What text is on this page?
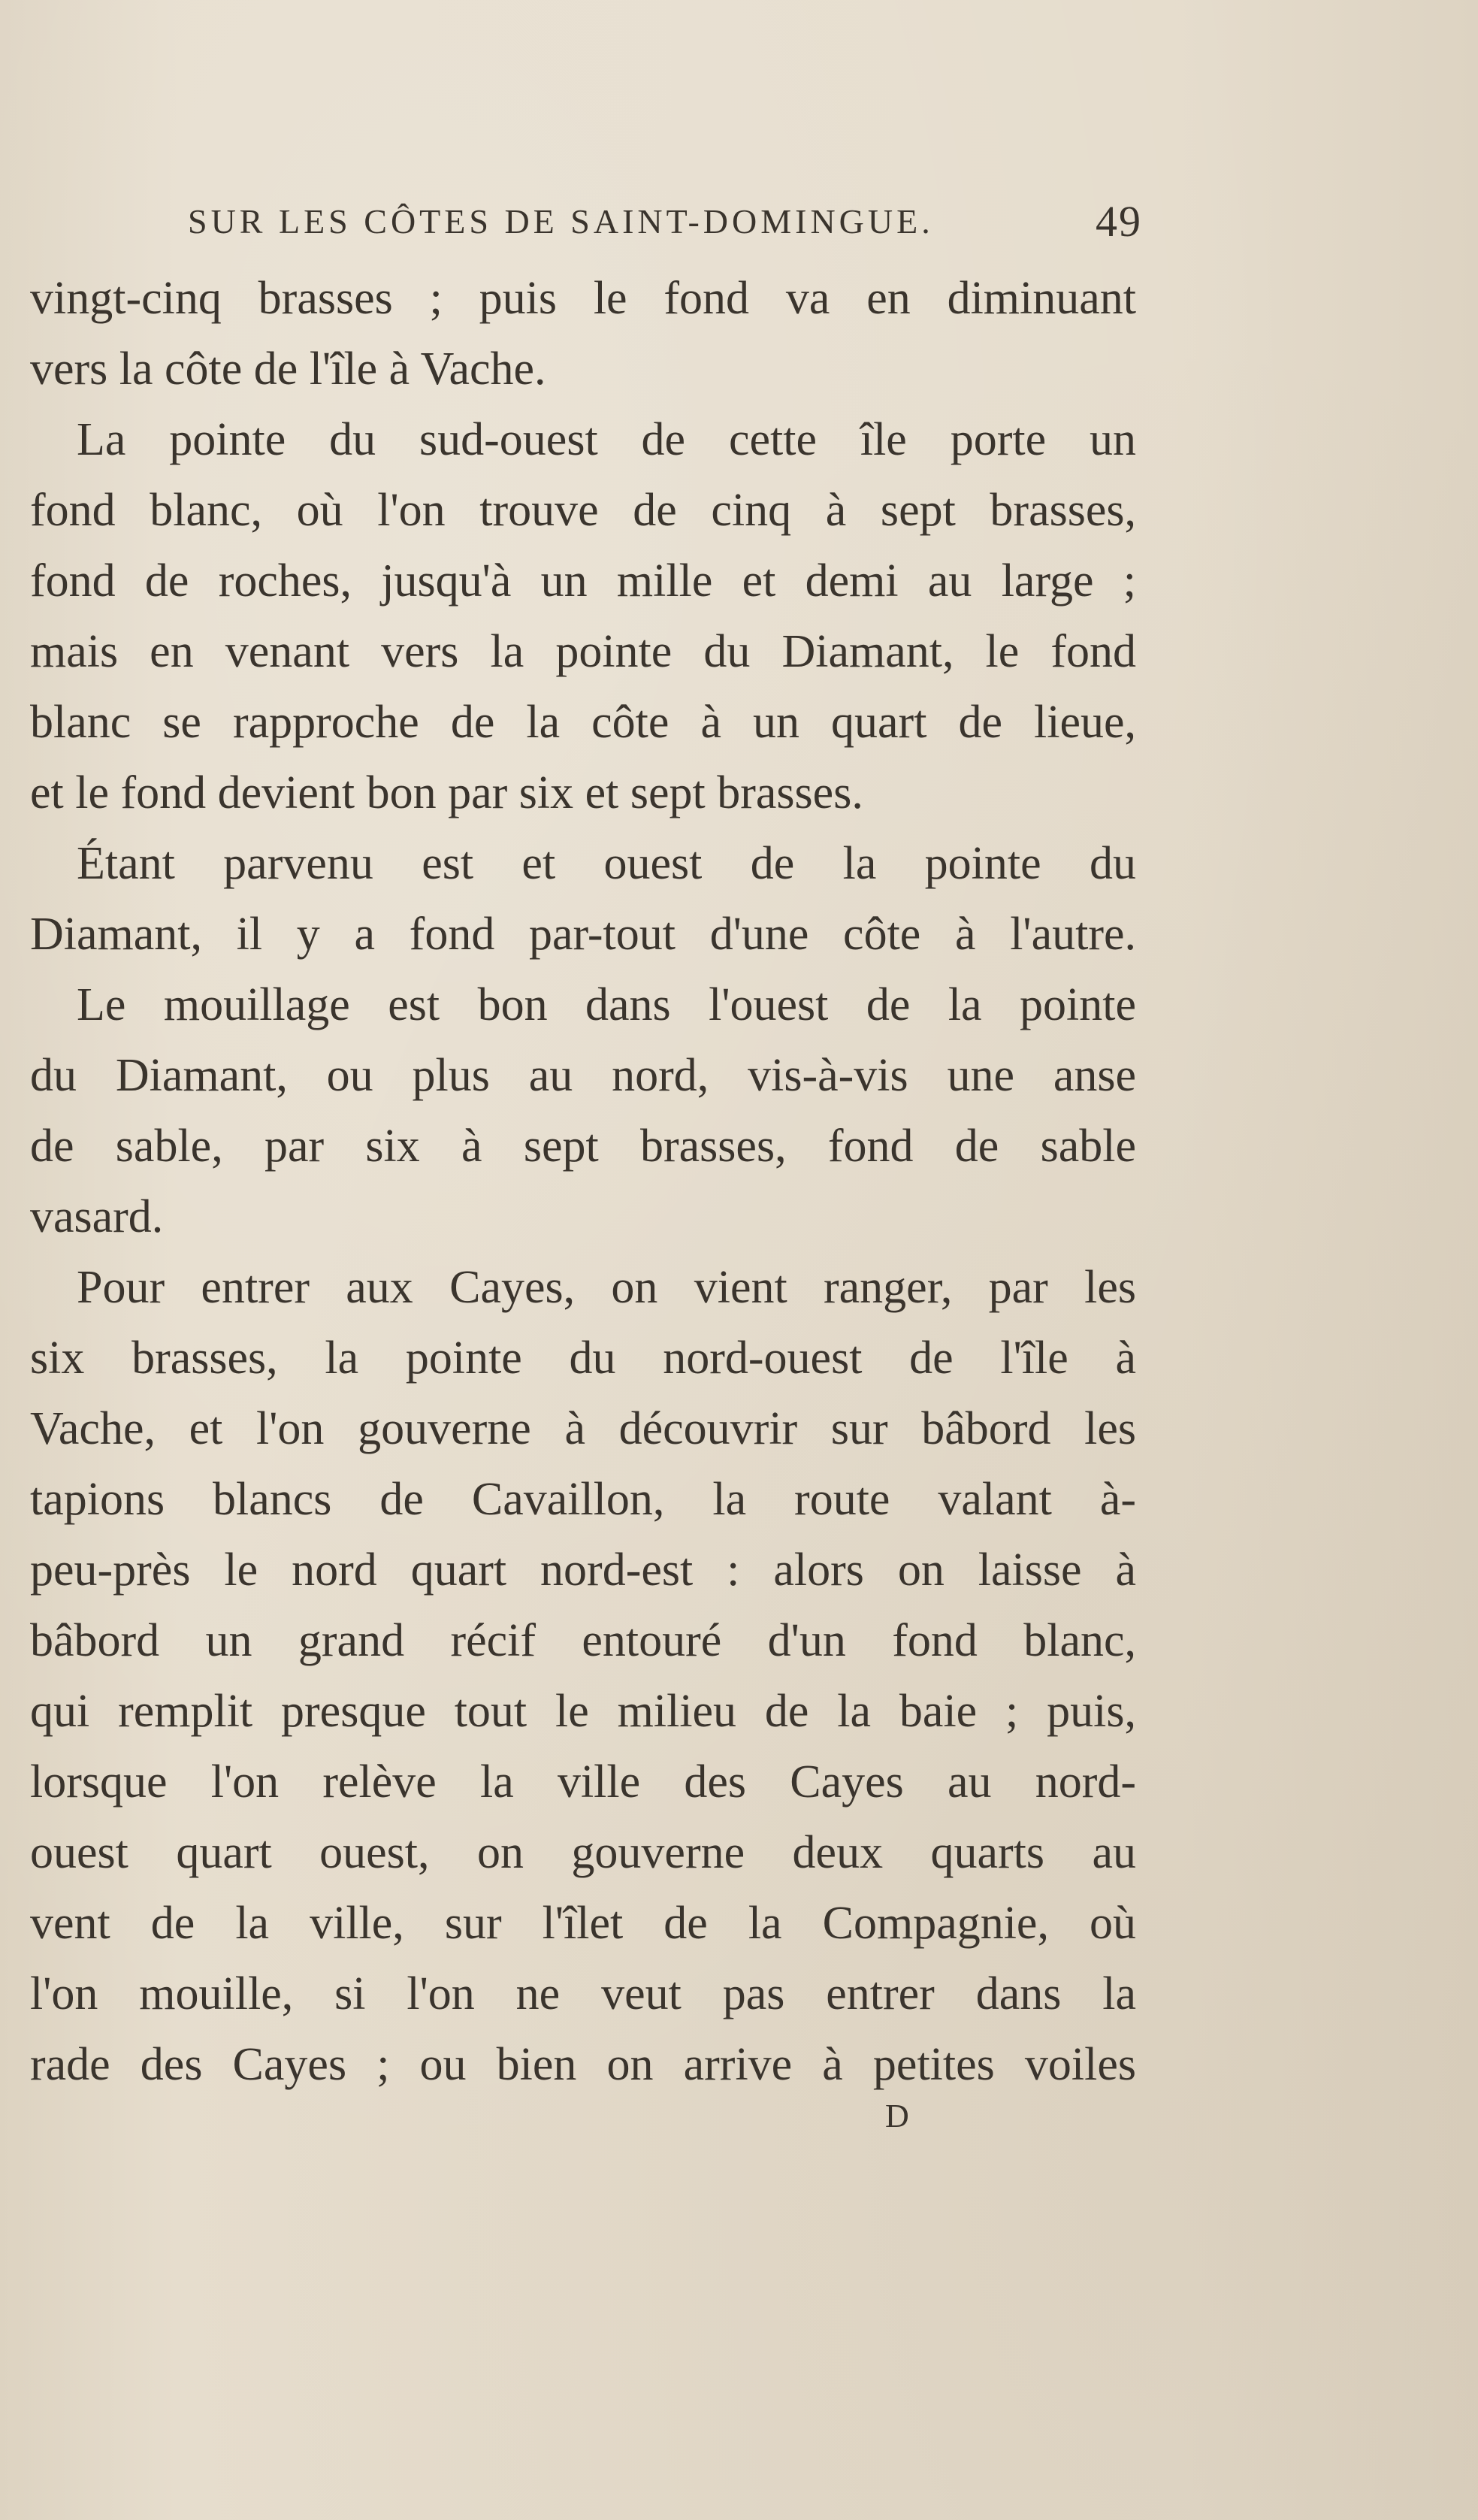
SUR LES CÔTES DE SAINT-DOMINGUE.	49
vingt-cinq brasses ; puis le fond va en diminuant
vers la côte de l'île à Vache.
La pointe du sud-ouest de cette île porte un
fond blanc, où l'on trouve de cinq à sept brasses,
fond de roches, jusqu'à un mille et demi au large ;
mais en venant vers la pointe du Diamant, le fond
blanc se rapproche de la côte à un quart de lieue,
et le fond devient bon par six et sept brasses.
Étant parvenu est et ouest de la pointe du
Diamant, il y a fond par-tout d'une côte à l'autre.
Le mouillage est bon dans l'ouest de la pointe
du Diamant, ou plus au nord, vis-à-vis une anse
de sable, par six à sept brasses, fond de sable
vasard.
Pour entrer aux Cayes, on vient ranger, par les
six brasses, la pointe du nord-ouest de l'île à
Vache, et l'on gouverne à découvrir sur bâbord les
tapions blancs de Cavaillon, la route valant à-
peu-près le nord quart nord-est : alors on laisse à
bâbord un grand récif entouré d'un fond blanc,
qui remplit presque tout le milieu de la baie ; puis,
lorsque l'on relève la ville des Cayes au nord-
ouest quart ouest, on gouverne deux quarts au
vent de la ville, sur l'îlet de la Compagnie, où
l'on mouille, si l'on ne veut pas entrer dans la
rade des Cayes ; ou bien on arrive à petites voiles
D
